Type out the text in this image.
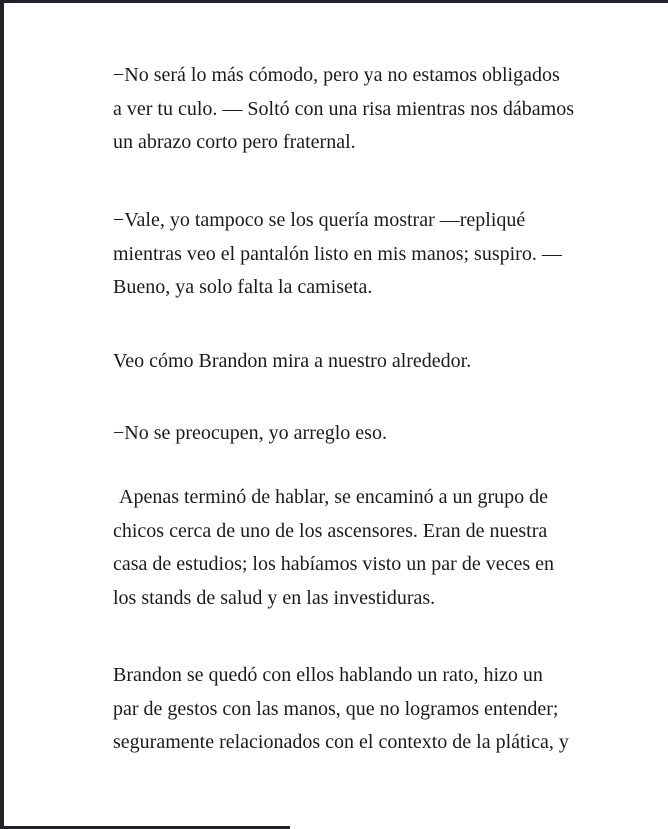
−No será lo más cómodo, pero ya no estamos obligados
a ver tu culo. — Soltó con una risa mientras nos dábamos
un abrazo corto pero fraternal.
−Vale, yo tampoco se los quería mostrar —repliqué
mientras veo el pantalón listo en mis manos; suspiro. —
Bueno, ya solo falta la camiseta.
Veo cómo Brandon mira a nuestro alrededor.
−No se preocupen, yo arreglo eso.
Apenas terminó de hablar, se encaminó a un grupo de
chicos cerca de uno de los ascensores. Eran de nuestra
casa de estudios; los habíamos visto un par de veces en
los stands de salud y en las investiduras.
Brandon se quedó con ellos hablando un rato, hizo un
par de gestos con las manos, que no logramos entender;
seguramente relacionados con el contexto de la plática, y
